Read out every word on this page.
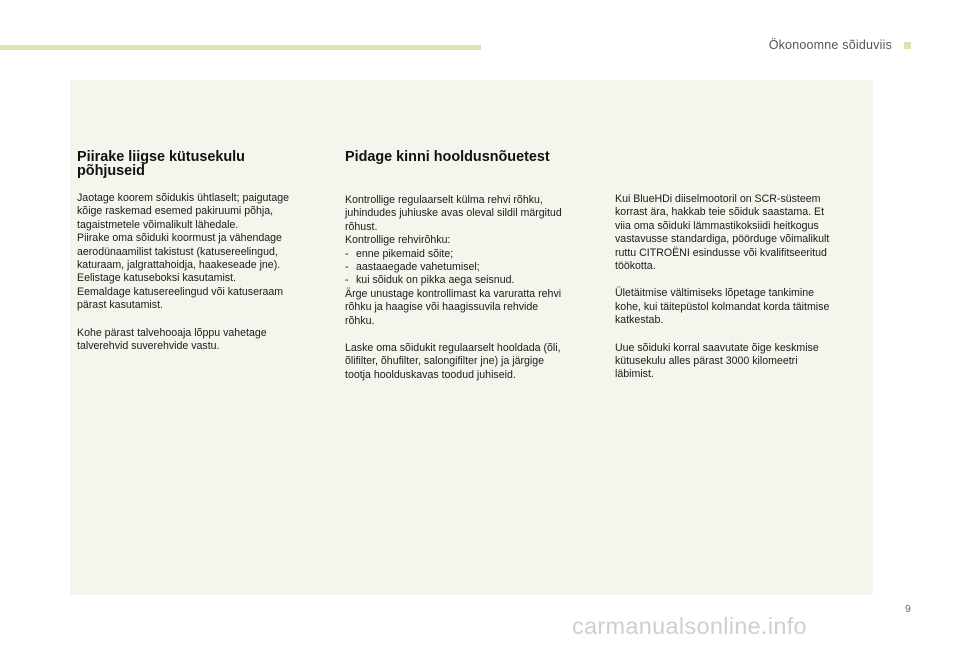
Ökonoomne sõiduviis
Piirake liigse kütusekulu
põhjuseid

Jaotage koorem sõidukis ühtlaselt; paigutage
kõige raskemad esemed pakiruumi põhja,
tagaistmetele võimalikult lähedale.
Piirake oma sõiduki koormust ja vähendage
aerodünaamilist takistust (katusereelingud,
katuraam, jalgrattahoidja, haakeseade jne).
Eelistage katuseboksi kasutamist.
Eemaldage katusereelingud või katuseraam
pärast kasutamist.

Kohe pärast talvehooaja lõppu vahetage
talverehvid suverehvide vastu.

Pidage kinni hooldusnõuetest

Kontrollige regulaarselt külma rehvi rõhku,
juhindudes juhiuske avas oleval sildil märgitud
rõhust.
Kontrollige rehvirõhku:

- enne pikemaid sõite;
- aastaaegade vahetumisel;
- kui sõiduk on pikka aega seisnud.

Ärge unustage kontrollimast ka varuratta rehvi
rõhku ja haagise või haagissuvila rehvide
rõhku.

Laske oma sõidukit regulaarselt hooldada (õli,
õlifilter, õhufilter, salongifilter jne) ja järgige
tootja hoolduskavas toodud juhiseid.

Kui BlueHDi diiselmootoril on SCR-süsteem
korrast ära, hakkab teie sõiduk saastama. Et
viia oma sõiduki lämmastikoksiidi heitkogus
vastavusse standardiga, pöörduge võimalikult
ruttu CITROËNI esindusse või kvalifitseeritud
töökotta.

Ületäitmise vältimiseks lõpetage tankimine
kohe, kui täitepüstol kolmandat korda täitmise
katkestab.

Uue sõiduki korral saavutate õige keskmise
kütusekulu alles pärast 3000 kilomeetri
läbimist.

9
carmanualsonline.info
